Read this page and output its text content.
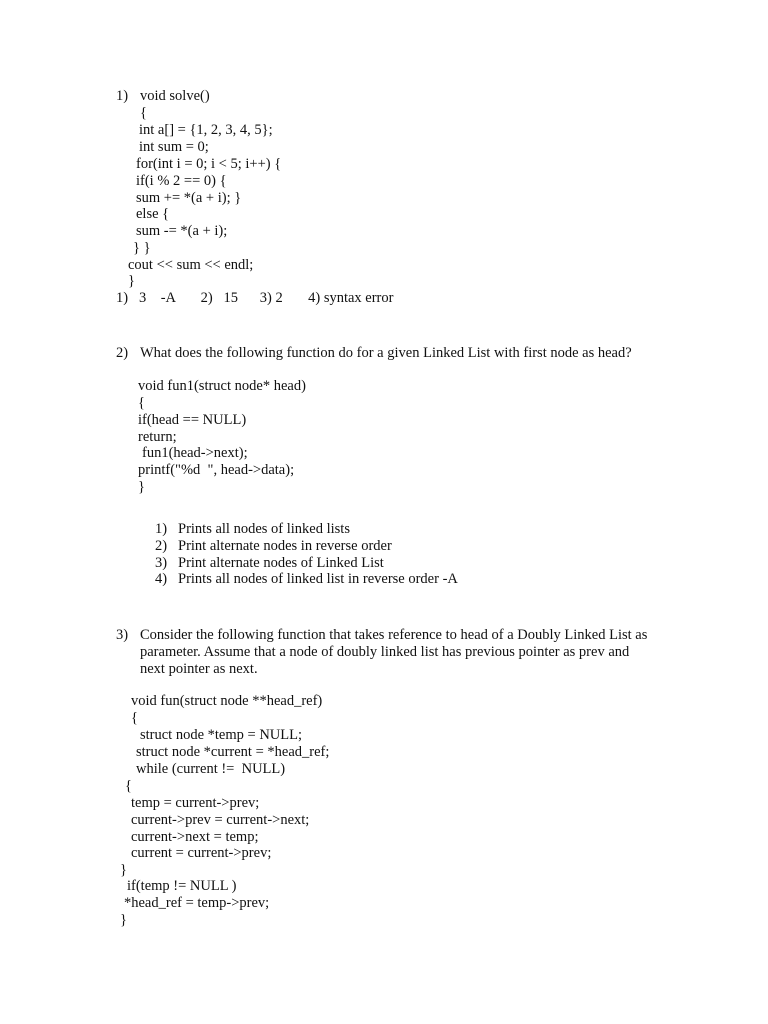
1) void solve()
{
int a[] = {1, 2, 3, 4, 5};
int sum = 0;
for(int i = 0; i < 5; i++) {
if(i % 2 == 0) {
sum += *(a + i); }
else {
sum -= *(a + i);
} }
cout << sum << endl;
}
1)   3    -A       2)   15      3) 2       4) syntax error
2) What does the following function do for a given Linked List with first node as head?
void fun1(struct node* head)
{
if(head == NULL)
return;
fun1(head->next);
printf("%d  ", head->data);
}
1) Prints all nodes of linked lists
2) Print alternate nodes in reverse order
3) Print alternate nodes of Linked List
4) Prints all nodes of linked list in reverse order -A
3) Consider the following function that takes reference to head of a Doubly Linked List as
parameter. Assume that a node of doubly linked list has previous pointer as prev and
next pointer as next.
void fun(struct node **head_ref)
{
struct node *temp = NULL;
struct node *current = *head_ref;
while (current !=  NULL)
{
temp = current->prev;
current->prev = current->next;
current->next = temp;
current = current->prev;
}
if(temp != NULL )
*head_ref = temp->prev;
}
